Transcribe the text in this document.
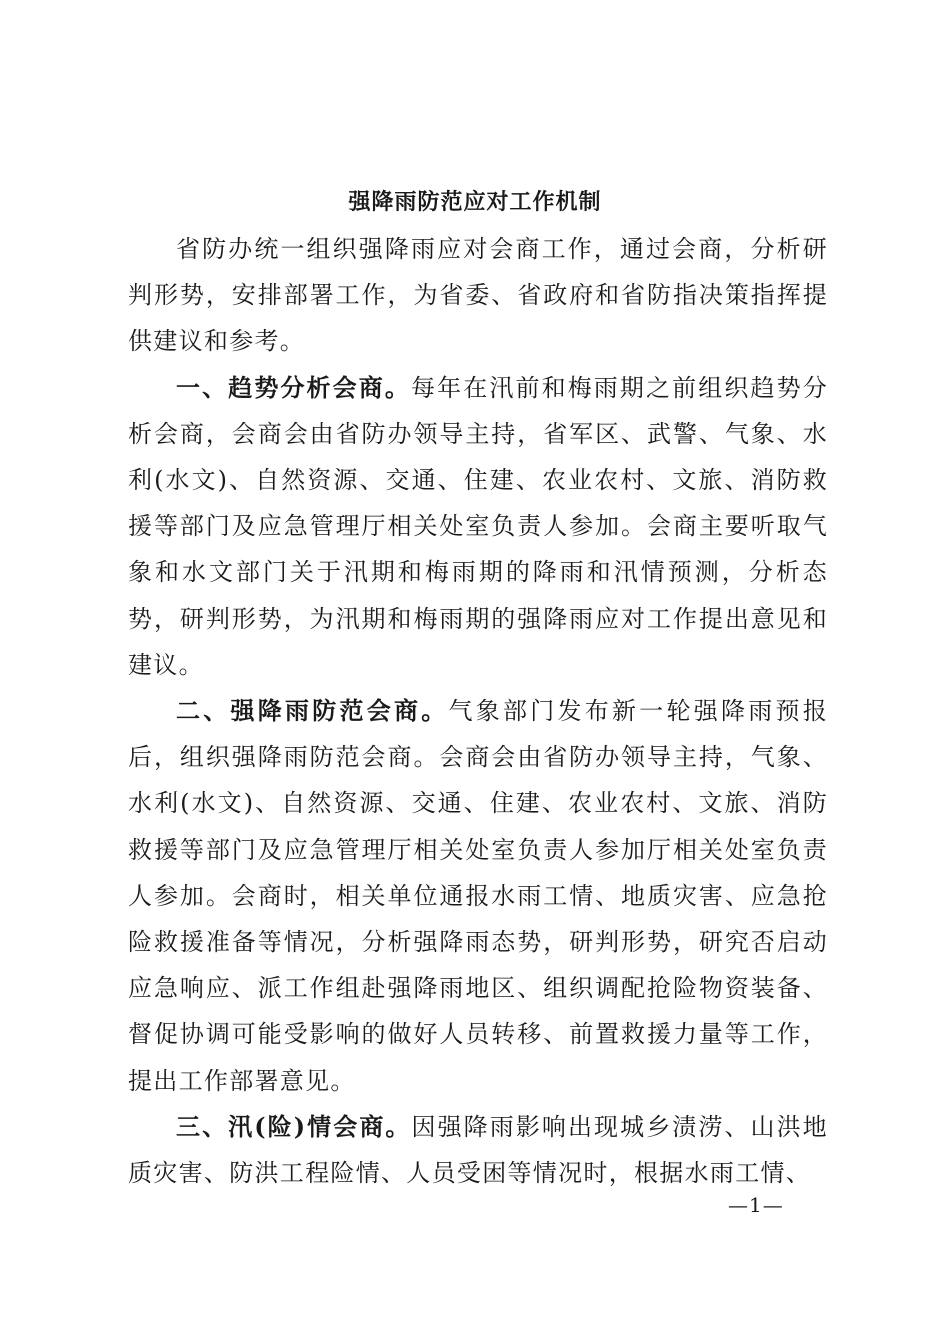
强降雨防范应对工作机制

省防办统一组织强降雨应对会商工作，通过会商，分析研判形势，安排部署工作，为省委、省政府和省防指决策指挥提供建议和参考。

一、趋势分析会商。每年在汛前和梅雨期之前组织趋势分析会商，会商会由省防办领导主持，省军区、武警、气象、水利(水文)、自然资源、交通、住建、农业农村、文旅、消防救援等部门及应急管理厅相关处室负责人参加。会商主要听取气象和水文部门关于汛期和梅雨期的降雨和汛情预测，分析态势，研判形势，为汛期和梅雨期的强降雨应对工作提出意见和建议。

二、强降雨防范会商。气象部门发布新一轮强降雨预报后，组织强降雨防范会商。会商会由省防办领导主持，气象、水利(水文)、自然资源、交通、住建、农业农村、文旅、消防救援等部门及应急管理厅相关处室负责人参加厅相关处室负责人参加。会商时，相关单位通报水雨工情、地质灾害、应急抢险救援准备等情况，分析强降雨态势，研判形势，研究否启动应急响应、派工作组赴强降雨地区、组织调配抢险物资装备、督促协调可能受影响的做好人员转移、前置救援力量等工作，提出工作部署意见。

三、汛(险)情会商。因强降雨影响出现城乡渍涝、山洪地质灾害、防洪工程险情、人员受困等情况时，根据水雨工情、

—1—
